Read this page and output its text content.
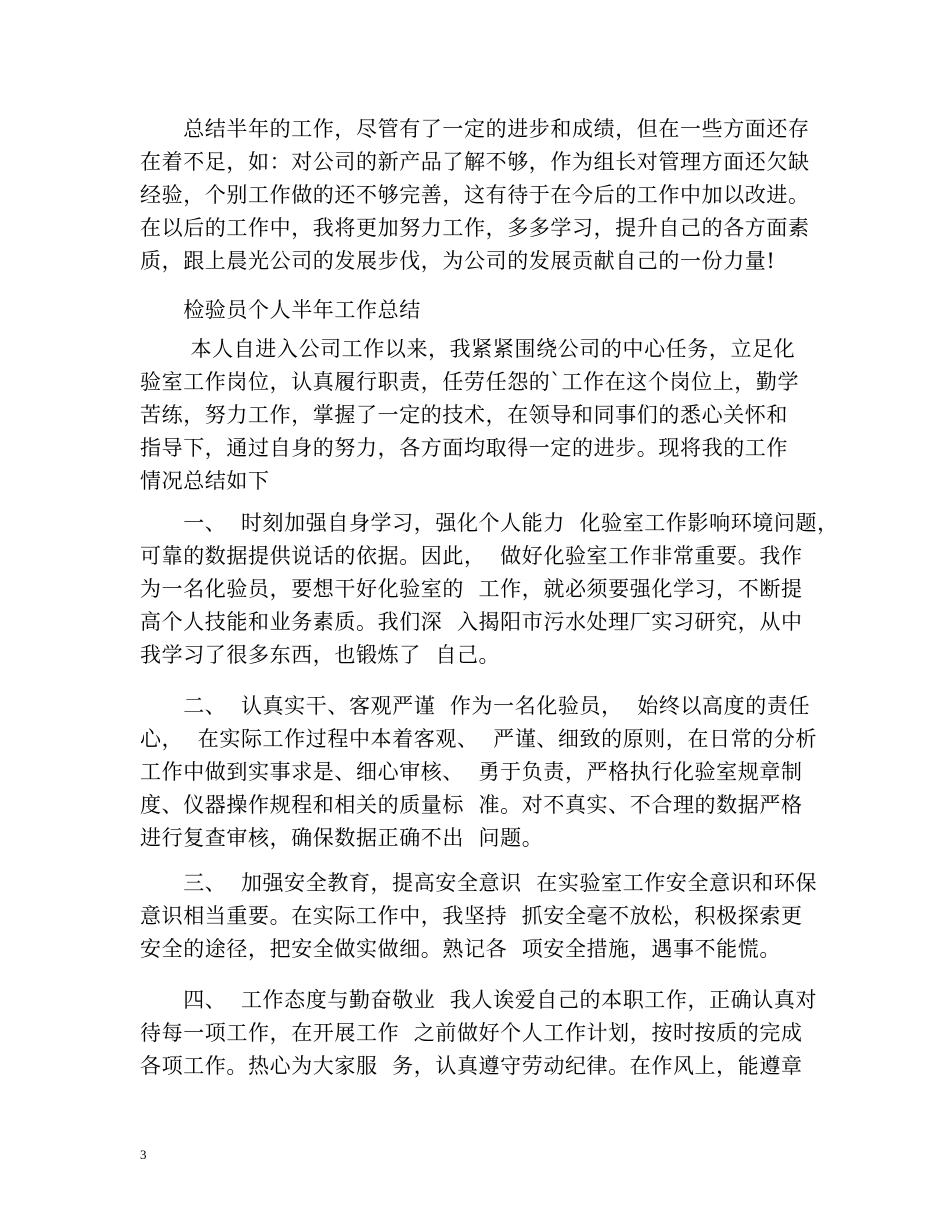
　　总结半年的工作，尽管有了一定的进步和成绩，但在一些方面还存
在着不足，如：对公司的新产品了解不够，作为组长对管理方面还欠缺
经验，个别工作做的还不够完善，这有待于在今后的工作中加以改进。
在以后的工作中，我将更加努力工作，多多学习，提升自己的各方面素
质，跟上晨光公司的发展步伐，为公司的发展贡献自己的一份力量!
　　检验员个人半年工作总结
　　 本人自进入公司工作以来，我紧紧围绕公司的中心任务，立足化
验室工作岗位，认真履行职责，任劳任怨的`工作在这个岗位上，勤学
苦练，努力工作，掌握了一定的技术，在领导和同事们的悉心关怀和
指导下，通过自身的努力，各方面均取得一定的进步。现将我的工作
情况总结如下
　　一、  时刻加强自身学习，强化个人能力  化验室工作影响环境问题，
可靠的数据提供说话的依据。因此，  做好化验室工作非常重要。我作
为一名化验员，要想干好化验室的  工作，就必须要强化学习，不断提
高个人技能和业务素质。我们深  入揭阳市污水处理厂实习研究，从中
我学习了很多东西，也锻炼了  自己。
　　二、  认真实干、客观严谨  作为一名化验员，  始终以高度的责任
心，  在实际工作过程中本着客观、  严谨、细致的原则，在日常的分析
工作中做到实事求是、细心审核、  勇于负责，严格执行化验室规章制
度、仪器操作规程和相关的质量标  准。对不真实、不合理的数据严格
进行复查审核，确保数据正确不出  问题。
　　三、  加强安全教育，提高安全意识  在实验室工作安全意识和环保
意识相当重要。在实际工作中，我坚持  抓安全毫不放松，积极探索更
安全的途径，把安全做实做细。熟记各  项安全措施，遇事不能慌。
　　四、  工作态度与勤奋敬业  我人诶爱自己的本职工作，正确认真对
待每一项工作，在开展工作  之前做好个人工作计划，按时按质的完成
各项工作。热心为大家服  务，认真遵守劳动纪律。在作风上，能遵章
3
